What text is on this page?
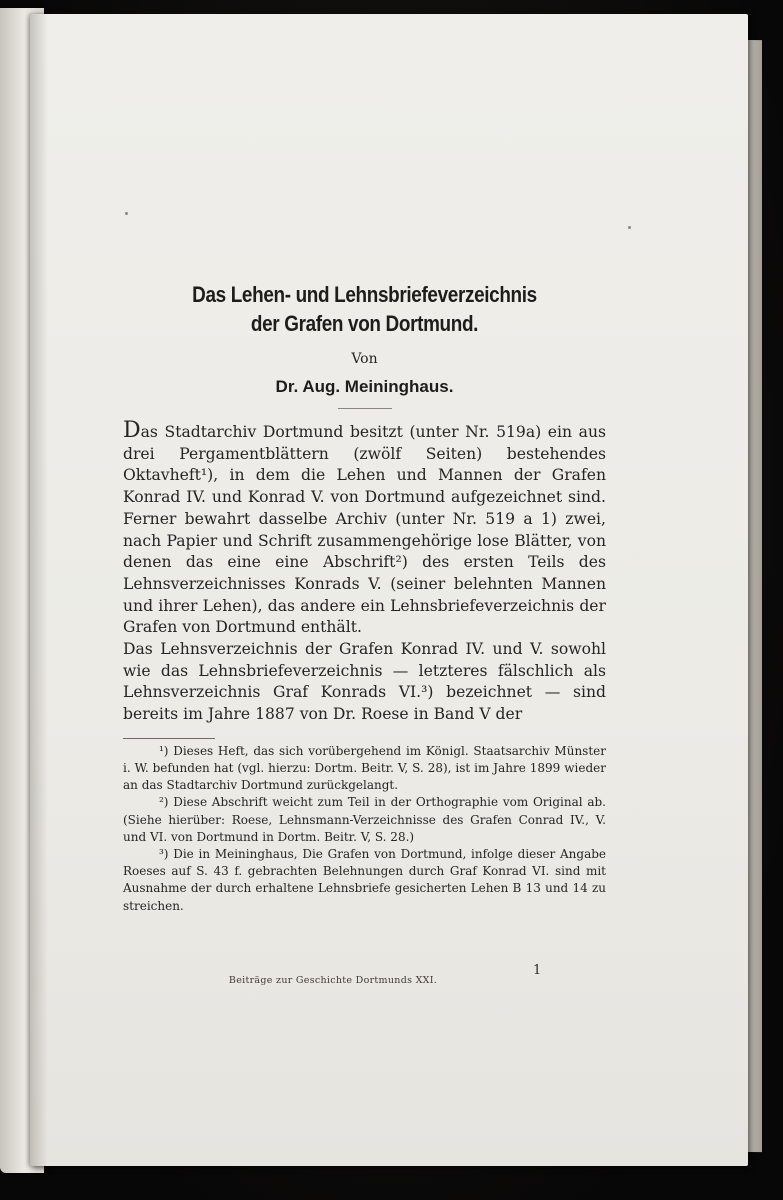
Das Lehen- und Lehnsbriefeverzeichnis
der Grafen von Dortmund.
Von
Dr. Aug. Meininghaus.

Das Stadtarchiv Dortmund besitzt (unter Nr. 519a) ein aus drei Pergamentblättern (zwölf Seiten) bestehendes Oktavheft¹), in dem die Lehen und Mannen der Grafen Konrad IV. und Konrad V. von Dortmund aufgezeichnet sind. Ferner bewahrt dasselbe Archiv (unter Nr. 519 a 1) zwei, nach Papier und Schrift zusammengehörige lose Blätter, von denen das eine eine Abschrift²) des ersten Teils des Lehnsverzeichnisses Konrads V. (seiner belehnten Mannen und ihrer Lehen), das andere ein Lehnsbriefeverzeichnis der Grafen von Dortmund enthält.

Das Lehnsverzeichnis der Grafen Konrad IV. und V. sowohl wie das Lehnsbriefeverzeichnis — letzteres fälschlich als Lehnsverzeichnis Graf Konrads VI.³) bezeichnet — sind bereits im Jahre 1887 von Dr. Roese in Band V der

¹) Dieses Heft, das sich vorübergehend im Königl. Staatsarchiv Münster i. W. befunden hat (vgl. hierzu: Dortm. Beitr. V, S. 28), ist im Jahre 1899 wieder an das Stadtarchiv Dortmund zurückgelangt.

²) Diese Abschrift weicht zum Teil in der Orthographie vom Original ab. (Siehe hierüber: Roese, Lehnsmann-Verzeichnisse des Grafen Conrad IV., V. und VI. von Dortmund in Dortm. Beitr. V, S. 28.)

³) Die in Meininghaus, Die Grafen von Dortmund, infolge dieser Angabe Roeses auf S. 43 f. gebrachten Belehnungen durch Graf Konrad VI. sind mit Ausnahme der durch erhaltene Lehnsbriefe gesicherten Lehen B 13 und 14 zu streichen.

Beiträge zur Geschichte Dortmunds XXI.
1
